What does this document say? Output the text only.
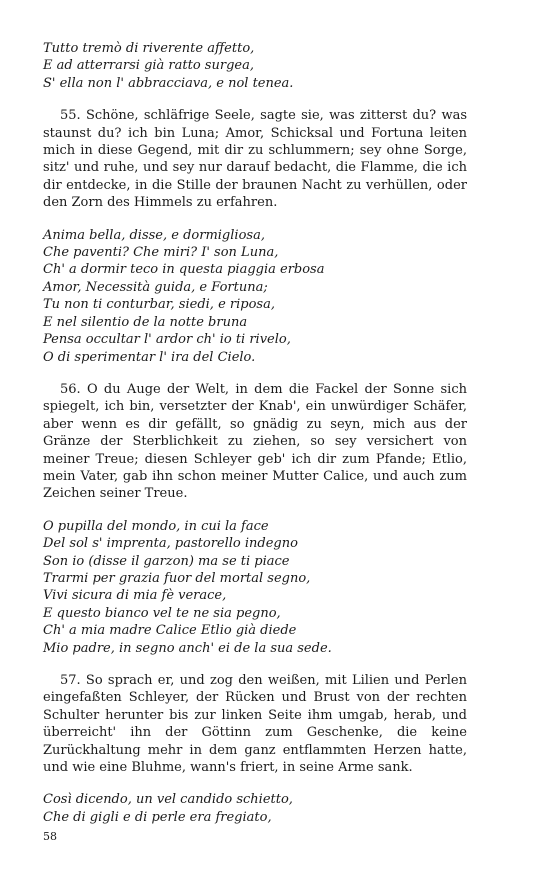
Tutto tremò di riverente affetto,
E ad atterrarsi già ratto surgea,
S' ella non l' abbracciava, e nol tenea.

55. Schöne, schläfrige Seele, sagte sie, was zitterst du? was staunst du? ich bin Luna; Amor, Schicksal und Fortuna leiten mich in diese Gegend, mit dir zu schlummern; sey ohne Sorge, sitz' und ruhe, und sey nur darauf bedacht, die Flamme, die ich dir entdecke, in die Stille der braunen Nacht zu verhüllen, oder den Zorn des Himmels zu erfahren.

Anima bella, disse, e dormigliosa,
Che paventi? Che miri? I' son Luna,
Ch' a dormir teco in questa piaggia erbosa
Amor, Necessità guida, e Fortuna;
Tu non ti conturbar, siedi, e riposa,
E nel silentio de la notte bruna
Pensa occultar l' ardor ch' io ti rivelo,
O di sperimentar l' ira del Cielo.

56. O du Auge der Welt, in dem die Fackel der Sonne sich spiegelt, ich bin, versetzter der Knab', ein unwürdiger Schäfer, aber wenn es dir gefällt, so gnädig zu seyn, mich aus der Gränze der Sterblichkeit zu ziehen, so sey versichert von meiner Treue; diesen Schleyer geb' ich dir zum Pfande; Etlio, mein Vater, gab ihn schon meiner Mutter Calice, und auch zum Zeichen seiner Treue.

O pupilla del mondo, in cui la face
Del sol s' imprenta, pastorello indegno
Son io (disse il garzon) ma se ti piace
Trarmi per grazia fuor del mortal segno,
Vivi sicura di mia fè verace,
E questo bianco vel te ne sia pegno,
Ch' a mia madre Calice Etlio già diede
Mio padre, in segno anch' ei de la sua sede.

57. So sprach er, und zog den weißen, mit Lilien und Perlen eingefaßten Schleyer, der Rücken und Brust von der rechten Schulter herunter bis zur linken Seite ihm umgab, herab, und überreicht' ihn der Göttinn zum Geschenke, die keine Zurückhaltung mehr in dem ganz entflammten Herzen hatte, und wie eine Bluhme, wann's friert, in seine Arme sank.

Così dicendo, un vel candido schietto,
Che di gigli e di perle era fregiato,
58
